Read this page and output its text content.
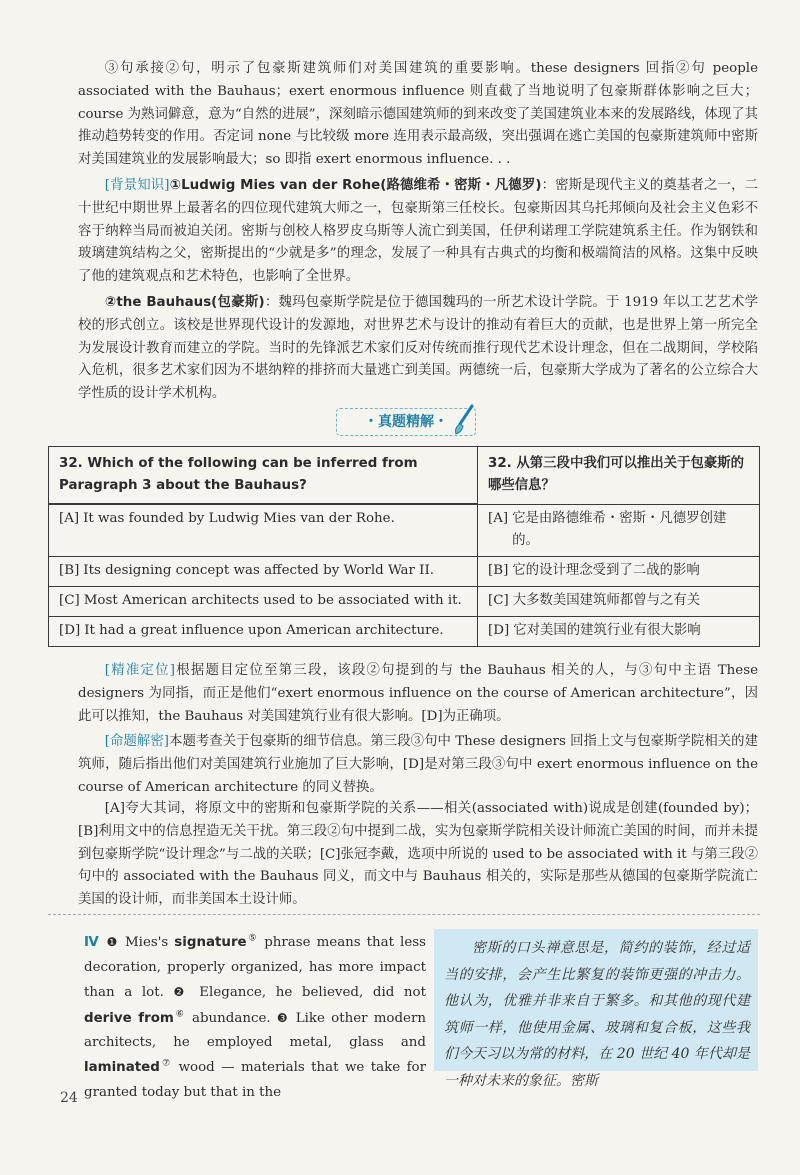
③句承接②句，明示了包豪斯建筑师们对美国建筑的重要影响。these designers 回指②句 people associated with the Bauhaus；exert enormous influence 则直截了当地说明了包豪斯群体影响之巨大；course 为熟词僻意，意为“自然的进展”，深刻暗示德国建筑师的到来改变了美国建筑业本来的发展路线，体现了其推动趋势转变的作用。否定词 none 与比较级 more 连用表示最高级，突出强调在逃亡美国的包豪斯建筑师中密斯对美国建筑业的发展影响最大；so 即指 exert enormous influence. . .
[背景知识]①Ludwig Mies van der Rohe(路德维希・密斯・凡德罗)：密斯是现代主义的奠基者之一，二十世纪中期世界上最著名的四位现代建筑大师之一，包豪斯第三任校长。包豪斯因其乌托邦倾向及社会主义色彩不容于纳粹当局而被迫关闭。密斯与创校人格罗皮乌斯等人流亡到美国，任伊利诺理工学院建筑系主任。作为钢铁和玻璃建筑结构之父，密斯提出的“少就是多”的理念，发展了一种具有古典式的均衡和极端简洁的风格。这集中反映了他的建筑观点和艺术特色，也影响了全世界。
②the Bauhaus(包豪斯)：魏玛包豪斯学院是位于德国魏玛的一所艺术设计学院。于 1919 年以工艺艺术学校的形式创立。该校是世界现代设计的发源地，对世界艺术与设计的推动有着巨大的贡献，也是世界上第一所完全为发展设计教育而建立的学院。当时的先锋派艺术家们反对传统而推行现代艺术设计理念，但在二战期间，学校陷入危机，很多艺术家们因为不堪纳粹的排挤而大量逃亡到美国。两德统一后，包豪斯大学成为了著名的公立综合大学性质的设计学术机构。
・真题精解・
32. Which of the following can be inferred from Paragraph 3 about the Bauhaus?	32. 从第三段中我们可以推出关于包豪斯的哪些信息？

[A] It was founded by Ludwig Mies van der Rohe.	[A] 它是由路德维希・密斯・凡德罗创建的。

[B] Its designing concept was affected by World War II.	[B] 它的设计理念受到了二战的影响

[C] Most American architects used to be associated with it.	[C] 大多数美国建筑师都曾与之有关

[D] It had a great influence upon American architecture.	[D] 它对美国的建筑行业有很大影响
[精准定位]根据题目定位至第三段，该段②句提到的与 the Bauhaus 相关的人，与③句中主语 These designers 为同指，而正是他们“exert enormous influence on the course of American architecture”，因此可以推知，the Bauhaus 对美国建筑行业有很大影响。[D]为正确项。
[命题解密]本题考查关于包豪斯的细节信息。第三段③句中 These designers 回指上文与包豪斯学院相关的建筑师，随后指出他们对美国建筑行业施加了巨大影响，[D]是对第三段③句中 exert enormous influence on the course of American architecture 的同义替换。
[A]夸大其词，将原文中的密斯和包豪斯学院的关系——相关(associated with)说成是创建(founded by)；[B]利用文中的信息捏造无关干扰。第三段②句中提到二战，实为包豪斯学院相关设计师流亡美国的时间，而并未提到包豪斯学院“设计理念”与二战的关联；[C]张冠李戴，选项中所说的 used to be associated with it 与第三段②句中的 associated with the Bauhaus 同义，而文中与 Bauhaus 相关的，实际是那些从德国的包豪斯学院流亡美国的设计师，而非美国本土设计师。
Ⅳ ❶ Mies's signature⑤ phrase means that less decoration, properly organized, has more impact than a lot. ❷ Elegance, he believed, did not derive from⑥ abundance. ❸ Like other modern architects, he employed metal, glass and laminated⑦ wood — materials that we take for granted today but that in the
密斯的口头禅意思是，简约的装饰，经过适当的安排，会产生比繁复的装饰更强的冲击力。他认为，优雅并非来自于繁多。和其他的现代建筑师一样，他使用金属、玻璃和复合板，这些我们今天习以为常的材料，在 20 世纪 40 年代却是一种对未来的象征。密斯
24
